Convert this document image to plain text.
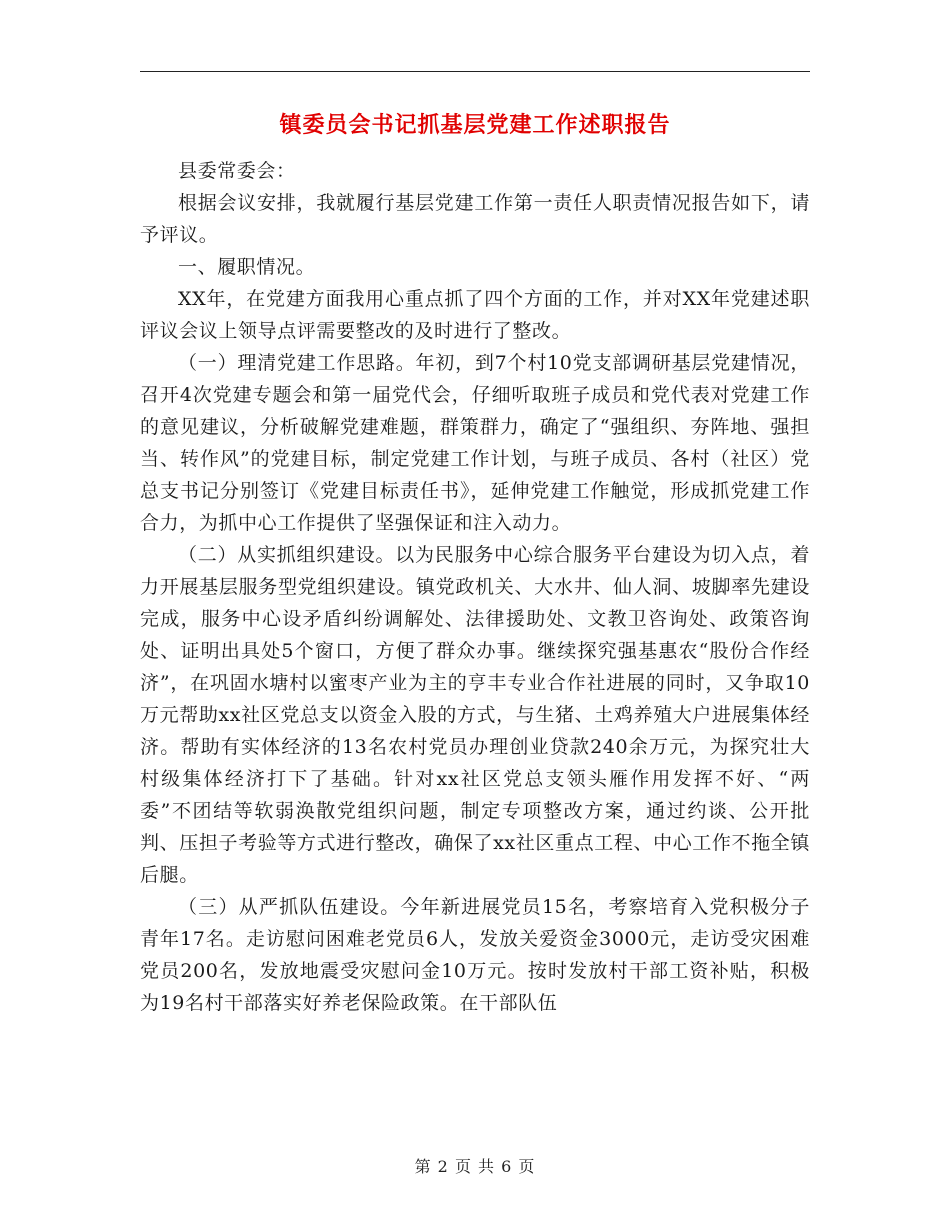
镇委员会书记抓基层党建工作述职报告

县委常委会：

根据会议安排，我就履行基层党建工作第一责任人职责情况报告如下，请予评议。

一、履职情况。

XX年，在党建方面我用心重点抓了四个方面的工作，并对XX年党建述职评议会议上领导点评需要整改的及时进行了整改。

（一）理清党建工作思路。年初，到7个村10党支部调研基层党建情况，召开4次党建专题会和第一届党代会，仔细听取班子成员和党代表对党建工作的意见建议，分析破解党建难题，群策群力，确定了“强组织、夯阵地、强担当、转作风”的党建目标，制定党建工作计划，与班子成员、各村（社区）党总支书记分别签订《党建目标责任书》，延伸党建工作触觉，形成抓党建工作合力，为抓中心工作提供了坚强保证和注入动力。

（二）从实抓组织建设。以为民服务中心综合服务平台建设为切入点，着力开展基层服务型党组织建设。镇党政机关、大水井、仙人洞、坡脚率先建设完成，服务中心设矛盾纠纷调解处、法律援助处、文教卫咨询处、政策咨询处、证明出具处5个窗口，方便了群众办事。继续探究强基惠农“股份合作经济”，在巩固水塘村以蜜枣产业为主的亨丰专业合作社进展的同时，又争取10万元帮助xx社区党总支以资金入股的方式，与生猪、土鸡养殖大户进展集体经济。帮助有实体经济的13名农村党员办理创业贷款240余万元，为探究壮大村级集体经济打下了基础。针对xx社区党总支领头雁作用发挥不好、“两委”不团结等软弱涣散党组织问题，制定专项整改方案，通过约谈、公开批判、压担子考验等方式进行整改，确保了xx社区重点工程、中心工作不拖全镇后腿。

（三）从严抓队伍建设。今年新进展党员15名，考察培育入党积极分子青年17名。走访慰问困难老党员6人，发放关爱资金3000元，走访受灾困难党员200名，发放地震受灾慰问金10万元。按时发放村干部工资补贴，积极为19名村干部落实好养老保险政策。在干部队伍

第 2 页 共 6 页
